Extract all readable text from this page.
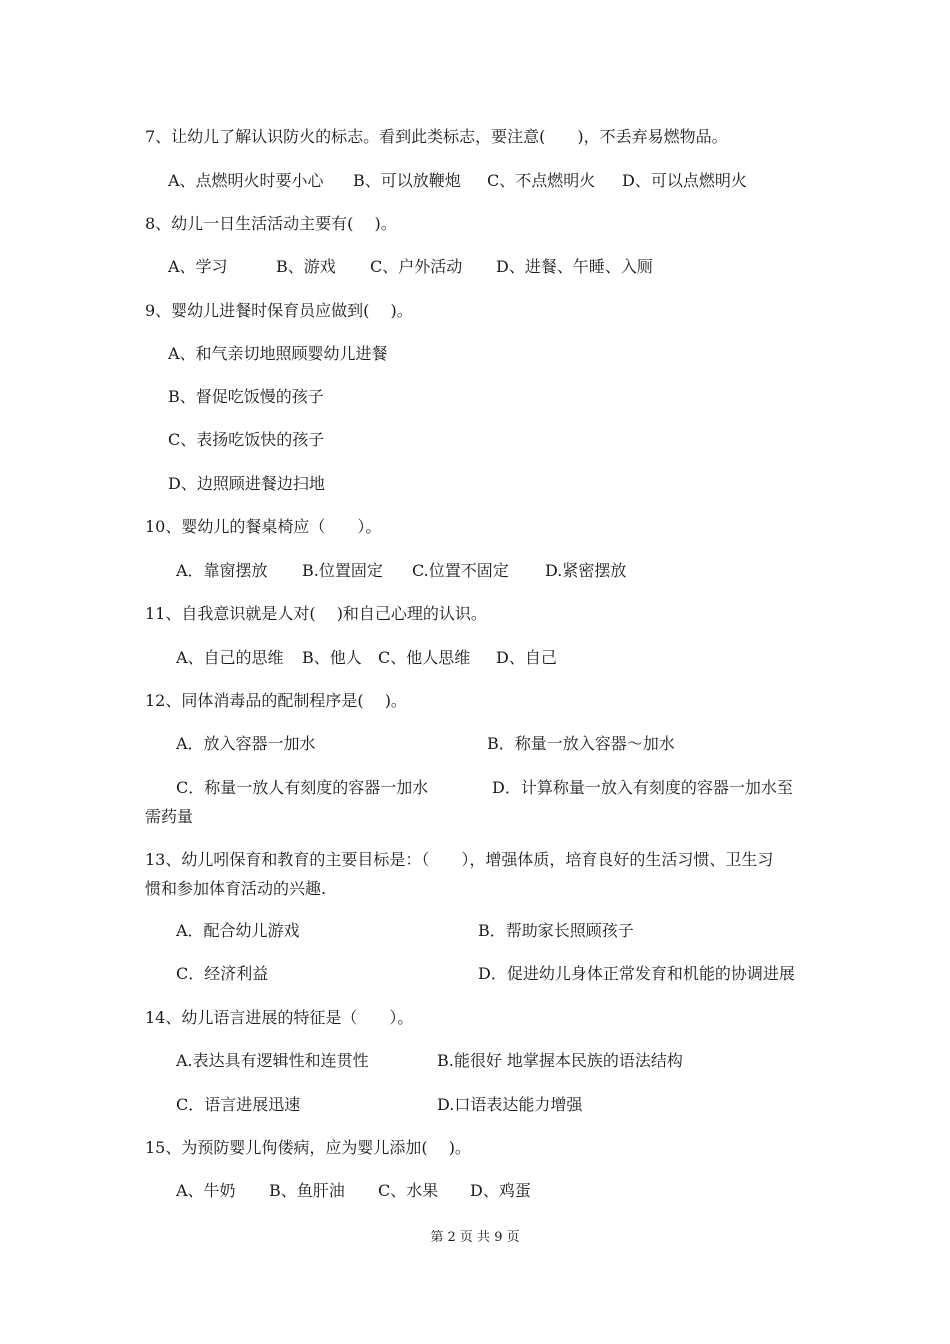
7、让幼儿了解认识防火的标志。看到此类标志，要注意(　　)，不丢弃易燃物品。
A、点燃明火时要小心 B、可以放鞭炮 C、不点燃明火 D、可以点燃明火
8、幼儿一日生活活动主要有(　 )。
A、学习	B、游戏 C、户外活动 D、进餐、午睡、入厕
9、婴幼儿进餐时保育员应做到(　 )。
A、和气亲切地照顾婴幼儿进餐
B、督促吃饭慢的孩子
C、表扬吃饭快的孩子
D、边照顾进餐边扫地
10、婴幼儿的餐桌椅应（　　）。
A．靠窗摆放 B.位置固定 C.位置不固定 D.紧密摆放
11、自我意识就是人对(　 )和自己心理的认识。
A、自己的思维 B、他人 C、他人思维 D、自己
12、同体消毒品的配制程序是(　 )。
A．放入容器一加水	B．称量一放入容器～加水
C．称量一放人有刻度的容器一加水	D．计算称量一放入有刻度的容器一加水至
需药量
13、幼儿吲保育和教育的主要目标是：（　　），增强体质，培育良好的生活习惯、卫生习
惯和参加体育活动的兴趣.
A．配合幼儿游戏	B．帮助家长照顾孩子
C．经济利益	D．促进幼儿身体正常发育和机能的协调进展
14、幼儿语言进展的特征是（　　）。
A.表达具有逻辑性和连贯性	B.能很好 地掌握本民族的语法结构
C．语言进展迅速	D.口语表达能力增强
15、为预防婴儿佝偻病，应为婴儿添加(　 )。
A、牛奶 B、鱼肝油 C、水果 D、鸡蛋
第 2 页 共 9 页
